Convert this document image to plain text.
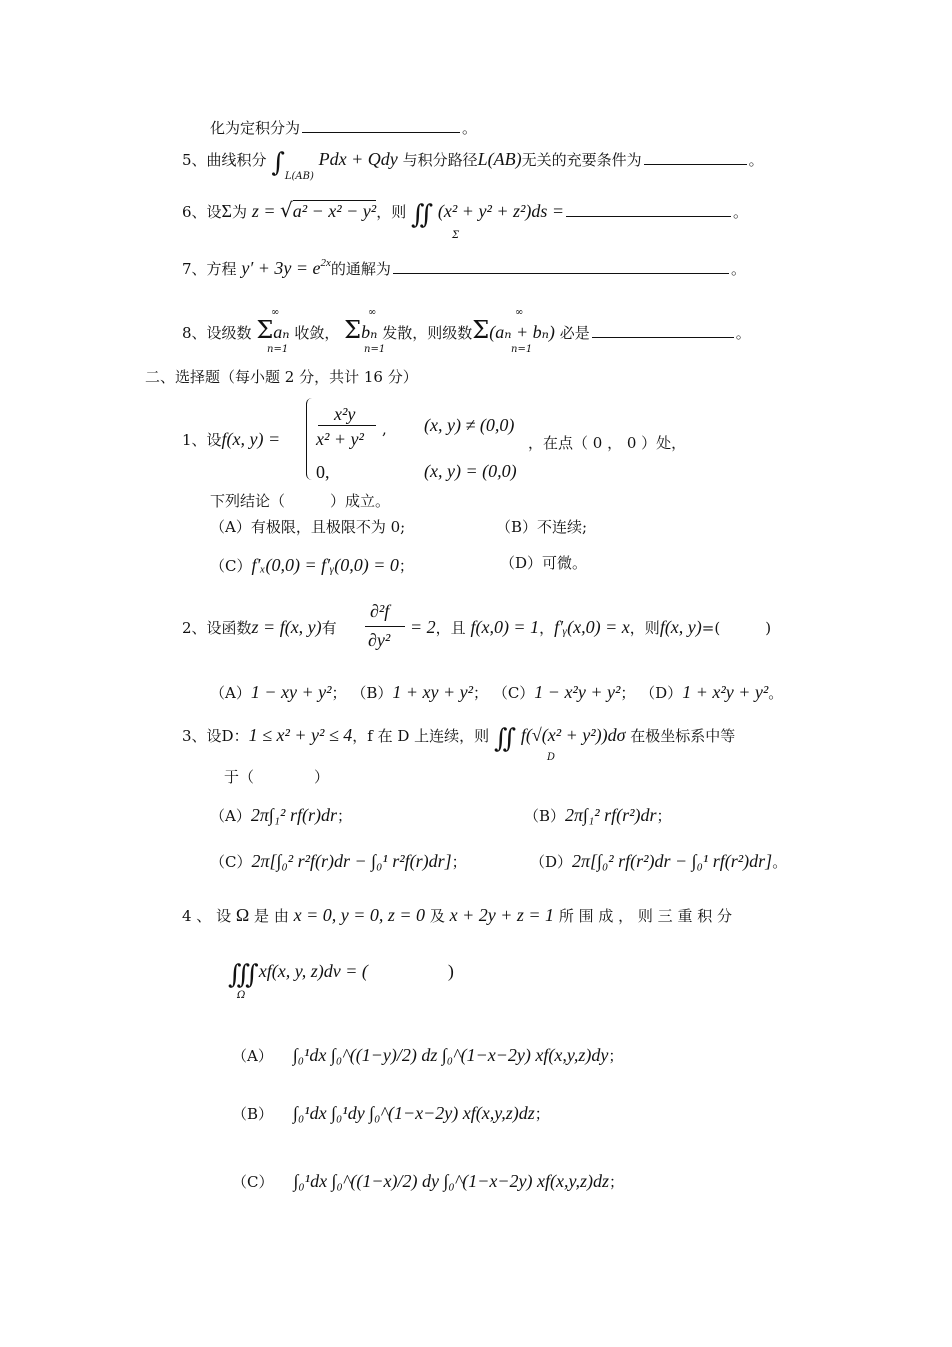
化为定积分为	。
5、曲线积分 $\int_{L(AB)}$ Pdx + Qdy 与积分路径L(AB)无关的充要条件为	。
6、设Σ为 z = √a² − x² − y²，则 ∬ (x² + y² + z²)ds =	。
Σ
7、方程 $y' + 3y = e^{2x}$的通解为	。
8、设级数 Σaₙ 收敛， Σbₙ 发散，则级数Σ(aₙ + bₙ) 必是	。
∞
n=1
∞
n=1
∞
n=1
二、选择题（每小题 2 分，共计 16 分）
1、设f(x, y) =
x²y
x² + y² , (x, y) ≠ (0,0)
0,	(x, y) = (0,0)
，在点（ 0 ， 0 ）处，
下列结论（　　　）成立。
（A）有极限，且极限不为 0;	（B）不连续;
（C）f′ₓ(0,0) = f′ᵧ(0,0) = 0；	（D）可微。
2、设函数z = f(x, y)有
∂²f
∂y²
= 2，且 f(x,0) = 1，f′ᵧ(x,0) = x，则f(x, y)=(　　　)
（A）1 − xy + y²； （B）1 + xy + y²； （C）1 − x²y + y²； （D）1 + x²y + y²。
3、设D：1 ≤ x² + y² ≤ 4，f 在 D 上连续，则 ∬ f(√(x² + y²))dσ 在极坐标系中等
D
于（　　　　）
（A）2π∫₁² rf(r)dr；	（B）2π∫₁² rf(r²)dr；
（C）2π[∫₀² r²f(r)dr − ∫₀¹ r²f(r)dr]；	（D）2π[∫₀² rf(r²)dr − ∫₀¹ rf(r²)dr]。
4 、 设 Ω 是 由 x = 0, y = 0, z = 0 及 x + 2y + z = 1 所 围 成 ， 则 三 重 积 分
∭xf(x, y, z)dv = (	)
Ω
（A） ∫₀¹dx ∫₀^((1−y)/2) dz ∫₀^(1−x−2y) xf(x,y,z)dy；
（B） ∫₀¹dx ∫₀¹dy ∫₀^(1−x−2y) xf(x,y,z)dz；
（C） ∫₀¹dx ∫₀^((1−x)/2) dy ∫₀^(1−x−2y) xf(x,y,z)dz；
